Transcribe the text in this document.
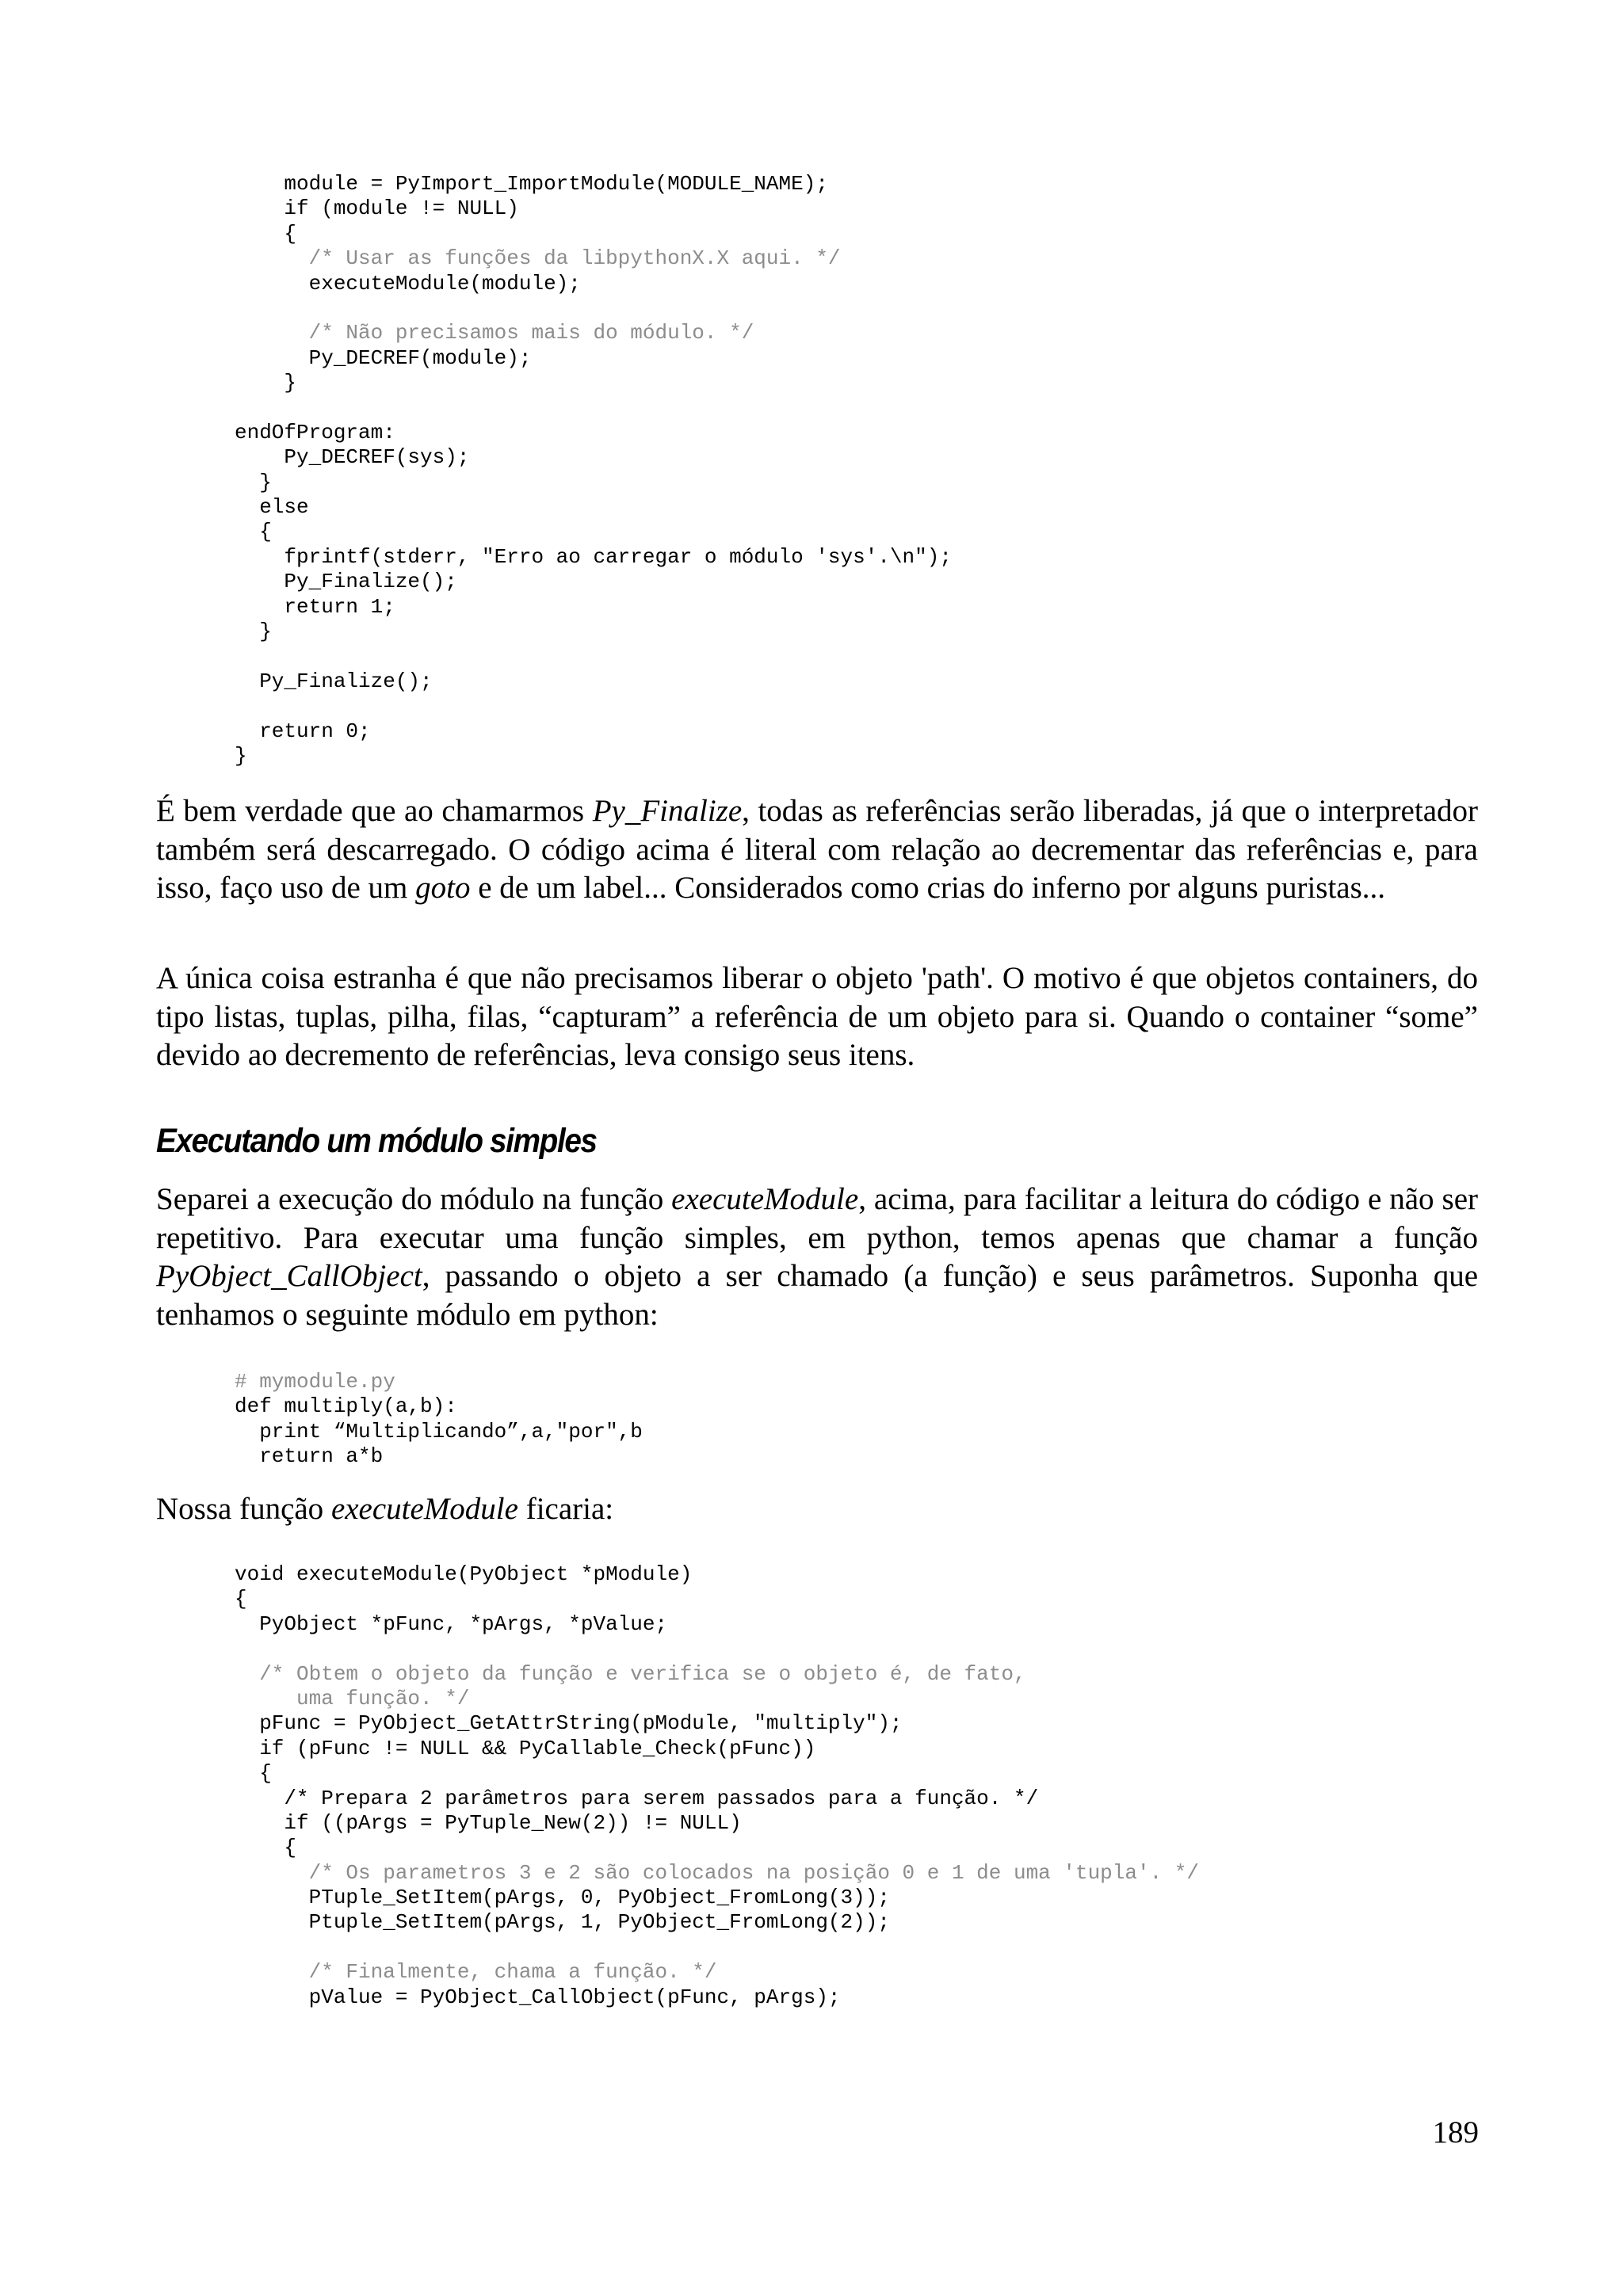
module = PyImport_ImportModule(MODULE_NAME);
if (module != NULL)
{
/* Usar as funções da libpythonX.X aqui. */
executeModule(module);
/* Não precisamos mais do módulo. */
Py_DECREF(module);
}
endOfProgram:
Py_DECREF(sys);
}
else
{
fprintf(stderr, "Erro ao carregar o módulo 'sys'.\n");
Py_Finalize();
return 1;
}
Py_Finalize();
return 0;
}

É bem verdade que ao chamarmos Py_Finalize, todas as referências serão liberadas, já que o interpretador também será descarregado. O código acima é literal com relação ao decrementar das referências e, para isso, faço uso de um goto e de um label... Considerados como crias do inferno por alguns puristas...

A única coisa estranha é que não precisamos liberar o objeto 'path'. O motivo é que objetos containers, do tipo listas, tuplas, pilha, filas, “capturam” a referência de um objeto para si. Quando o container “some” devido ao decremento de referências, leva consigo seus itens.

Executando um módulo simples

Separei a execução do módulo na função executeModule, acima, para facilitar a leitura do código e não ser repetitivo. Para executar uma função simples, em python, temos apenas que chamar a função PyObject_CallObject, passando o objeto a ser chamado (a função) e seus parâmetros. Suponha que tenhamos o seguinte módulo em python:

# mymodule.py
def multiply(a,b):
print “Multiplicando”,a,"por",b
return a*b

Nossa função executeModule ficaria:

void executeModule(PyObject *pModule)
{
PyObject *pFunc, *pArgs, *pValue;
/* Obtem o objeto da função e verifica se o objeto é, de fato,
uma função. */
pFunc = PyObject_GetAttrString(pModule, "multiply");
if (pFunc != NULL && PyCallable_Check(pFunc))
{
/* Prepara 2 parâmetros para serem passados para a função. */
if ((pArgs = PyTuple_New(2)) != NULL)
{
/* Os parametros 3 e 2 são colocados na posição 0 e 1 de uma 'tupla'. */
PTuple_SetItem(pArgs, 0, PyObject_FromLong(3));
Ptuple_SetItem(pArgs, 1, PyObject_FromLong(2));
/* Finalmente, chama a função. */
pValue = PyObject_CallObject(pFunc, pArgs);
189
